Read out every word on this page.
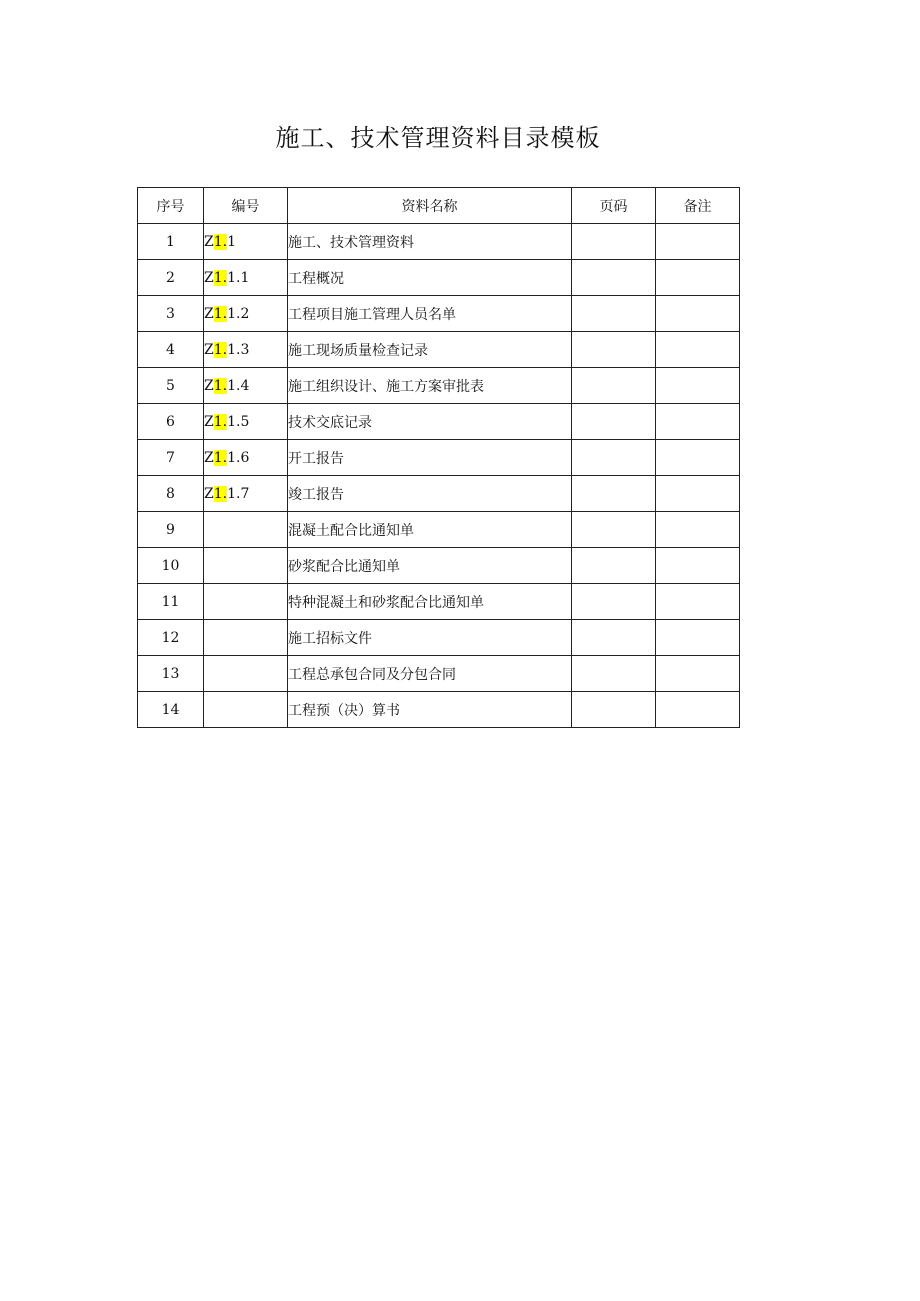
施工、技术管理资料目录模板
序号	编号	资料名称	页码	备注
1	Z1.1	施工、技术管理资料		
2	Z1.1.1	工程概况		
3	Z1.1.2	工程项目施工管理人员名单		
4	Z1.1.3	施工现场质量检查记录		
5	Z1.1.4	施工组织设计、施工方案审批表		
6	Z1.1.5	技术交底记录		
7	Z1.1.6	开工报告		
8	Z1.1.7	竣工报告		
9		混凝土配合比通知单		
10		砂浆配合比通知单		
11		特种混凝土和砂浆配合比通知单		
12		施工招标文件		
13		工程总承包合同及分包合同		
14		工程预（决）算书		
